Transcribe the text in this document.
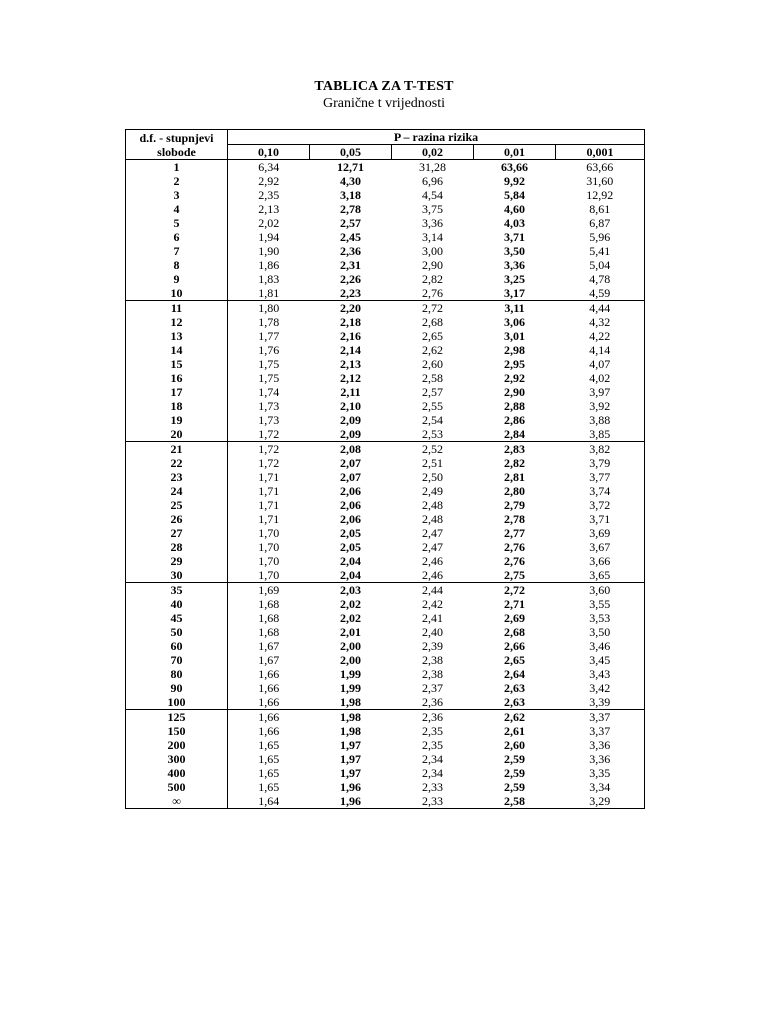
TABLICA ZA T-TEST
Granične t vrijednosti
d.f. - stupnjevi
slobode	P – razina rizika				
	0,10	0,05	0,02	0,01	0,001
1	6,34	12,71	31,28	63,66	63,66
2	2,92	4,30	6,96	9,92	31,60
3	2,35	3,18	4,54	5,84	12,92
4	2,13	2,78	3,75	4,60	8,61
5	2,02	2,57	3,36	4,03	6,87
6	1,94	2,45	3,14	3,71	5,96
7	1,90	2,36	3,00	3,50	5,41
8	1,86	2,31	2,90	3,36	5,04
9	1,83	2,26	2,82	3,25	4,78
10	1,81	2,23	2,76	3,17	4,59
11	1,80	2,20	2,72	3,11	4,44
12	1,78	2,18	2,68	3,06	4,32
13	1,77	2,16	2,65	3,01	4,22
14	1,76	2,14	2,62	2,98	4,14
15	1,75	2,13	2,60	2,95	4,07
16	1,75	2,12	2,58	2,92	4,02
17	1,74	2,11	2,57	2,90	3,97
18	1,73	2,10	2,55	2,88	3,92
19	1,73	2,09	2,54	2,86	3,88
20	1,72	2,09	2,53	2,84	3,85
21	1,72	2,08	2,52	2,83	3,82
22	1,72	2,07	2,51	2,82	3,79
23	1,71	2,07	2,50	2,81	3,77
24	1,71	2,06	2,49	2,80	3,74
25	1,71	2,06	2,48	2,79	3,72
26	1,71	2,06	2,48	2,78	3,71
27	1,70	2,05	2,47	2,77	3,69
28	1,70	2,05	2,47	2,76	3,67
29	1,70	2,04	2,46	2,76	3,66
30	1,70	2,04	2,46	2,75	3,65
35	1,69	2,03	2,44	2,72	3,60
40	1,68	2,02	2,42	2,71	3,55
45	1,68	2,02	2,41	2,69	3,53
50	1,68	2,01	2,40	2,68	3,50
60	1,67	2,00	2,39	2,66	3,46
70	1,67	2,00	2,38	2,65	3,45
80	1,66	1,99	2,38	2,64	3,43
90	1,66	1,99	2,37	2,63	3,42
100	1,66	1,98	2,36	2,63	3,39
125	1,66	1,98	2,36	2,62	3,37
150	1,66	1,98	2,35	2,61	3,37
200	1,65	1,97	2,35	2,60	3,36
300	1,65	1,97	2,34	2,59	3,36
400	1,65	1,97	2,34	2,59	3,35
500	1,65	1,96	2,33	2,59	3,34
∞	1,64	1,96	2,33	2,58	3,29
